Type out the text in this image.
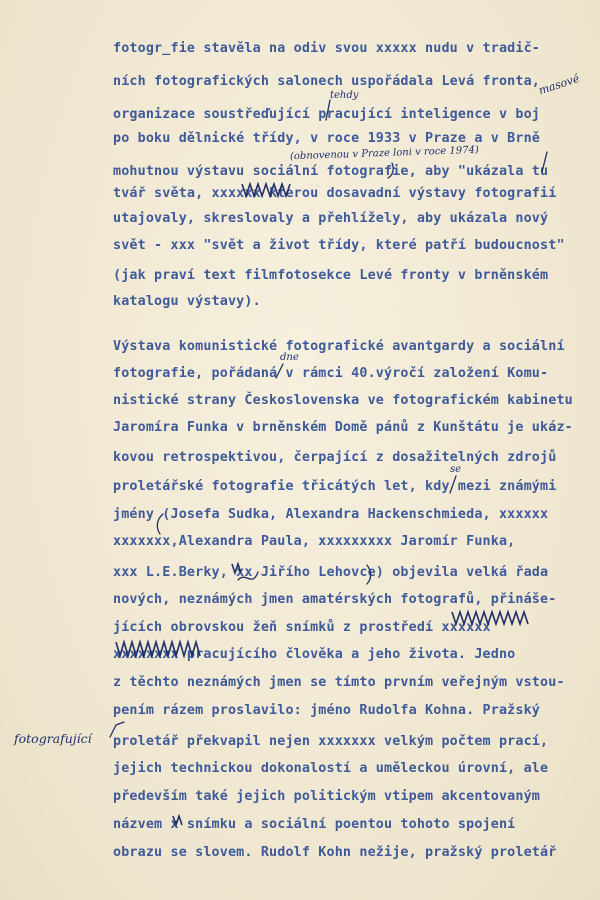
fotogr_fie stavěla na odiv svou xxxxx nudu v tradič-
ních fotografických salonech uspořádala Levá fronta,
organizace soustřeďující pracující inteligence v boj
po boku dělnické třídy, v roce 1933 v Praze a v Brně
mohutnou výstavu sociální fotografie, aby "ukázala tu
tvář světa, xxxxxx kterou dosavadní výstavy fotografií
utajovaly, skreslovaly a přehlížely, aby ukázala nový
svět - xxx "svět a život třídy, které patří budoucnost"
(jak praví text filmfotosekce Levé fronty v brněnském
katalogu výstavy).
Výstava komunistické fotografické avantgardy a sociální
fotografie, pořádaná v rámci 40.výročí založení Komu-
nistické strany Československa ve fotografickém kabinetu
Jaromíra Funka v brněnském Domě pánů z Kunštátu je ukáz-
kovou retrospektivou, čerpající z dosažitelných zdrojů
proletářské fotografie třicátých let, kdy mezi známými
jmény (Josefa Sudka, Alexandra Hackenschmieda, xxxxxx
xxxxxxx,Alexandra Paula, xxxxxxxxx Jaromír Funka,
xxx L.E.Berky, xx Jiřího Lehovce) objevila velká řada
nových, neznámých jmen amatérských fotografů, přináše-
jících obrovskou žeň snímků z prostředí xxxxxx
xxxxxxxx pracujícího člověka a jeho života. Jedno
z těchto neznámých jmen se tímto prvním veřejným vstou-
pením rázem proslavilo: jméno Rudolfa Kohna. Pražský
proletář překvapil nejen xxxxxxx velkým počtem prací,
jejich technickou dokonalostí a uměleckou úrovní, ale
především také jejich politickým vtipem akcentovaným
názvem x snímku a sociální poentou tohoto spojení
obrazu se slovem. Rudolf Kohn nežije, pražský proletář
masové
tehdy
(obnovenou v Praze loni v roce 1974)
dne
se
fotografující
